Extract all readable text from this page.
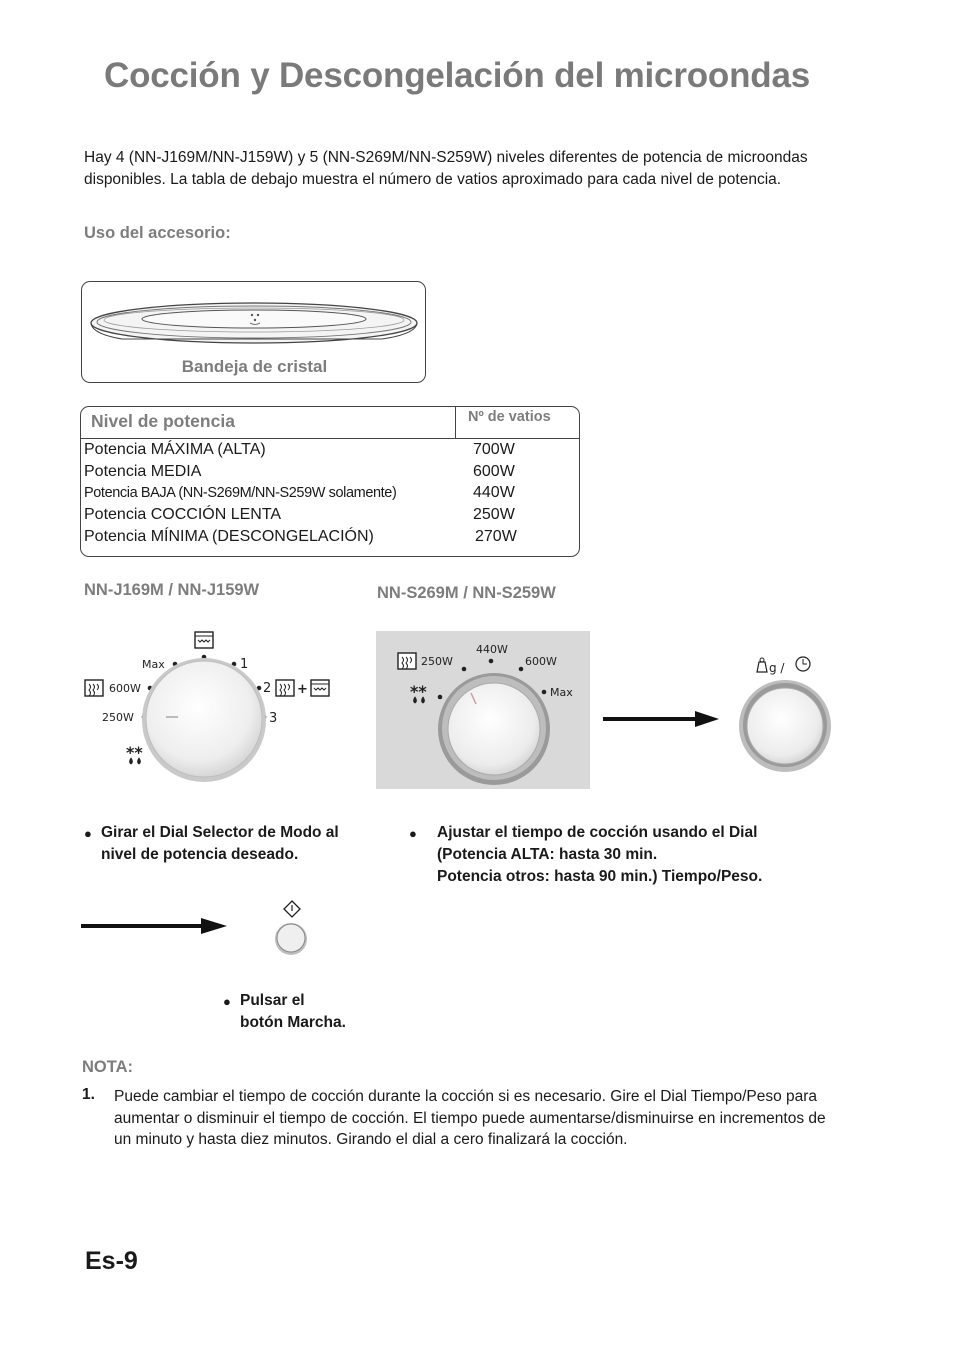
Cocción y Descongelación del microondas
Hay 4 (NN-J169M/NN-J159W) y 5 (NN-S269M/NN-S259W) niveles diferentes de potencia de microondas disponibles. La tabla de debajo muestra el número de vatios aproximado para cada nivel de potencia.
Uso del accesorio:
Bandeja de cristal
Nivel de potencia	Nº de vatios
Potencia MÁXIMA (ALTA)	700W
Potencia MEDIA	600W
Potencia BAJA (NN-S269M/NN-S259W solamente)	440W
Potencia COCCIÓN LENTA	250W
Potencia MÍNIMA (DESCONGELACIÓN)	270W
NN-J169M / NN-J159W	NN-S269M / NN-S259W
Max	1
600W	2 +
250W	3
**
250W
440W
600W
Max
**
g /
● Girar el Dial Selector de Modo al nivel de potencia deseado.
●	Ajustar el tiempo de cocción usando el Dial
(Potencia ALTA: hasta 30 min.
Potencia otros: hasta 90 min.) Tiempo/Peso.
● Pulsar el
botón Marcha.
NOTA:
1. Puede cambiar el tiempo de cocción durante la cocción si es necesario. Gire el Dial Tiempo/Peso para aumentar o disminuir el tiempo de cocción. El tiempo puede aumentarse/disminuirse en incrementos de un minuto y hasta diez minutos. Girando el dial a cero finalizará la cocción.
Es-9
